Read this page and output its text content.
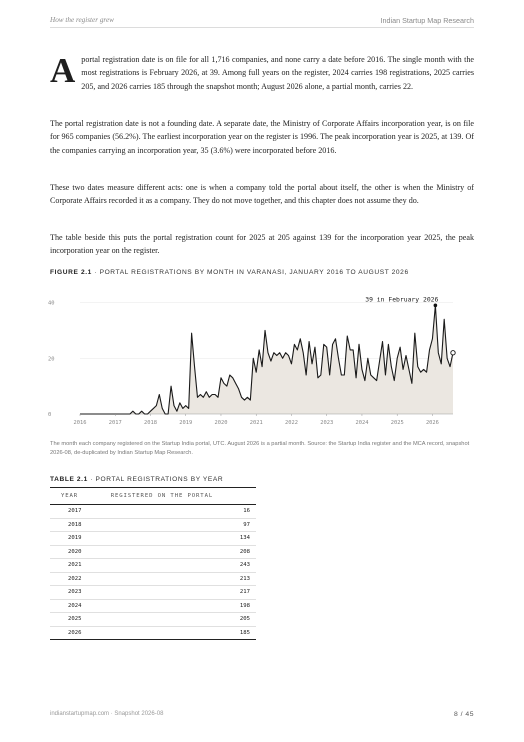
How the register grew	Indian Startup Map Research

Aportal registration date is on file for all 1,716 companies, and none carry a date before 2016. The single month with the most registrations is February 2026, at 39. Among full years on the register, 2024 carries 198 registrations, 2025 carries 205, and 2026 carries 185 through the snapshot month; August 2026 alone, a partial month, carries 22.

The portal registration date is not a founding date. A separate date, the Ministry of Corporate Affairs incorporation year, is on file for 965 companies (56.2%). The earliest incorporation year on the register is 1996. The peak incorporation year is 2025, at 139. Of the companies carrying an incorporation year, 35 (3.6%) were incorporated before 2016.

These two dates measure different acts: one is when a company told the portal about itself, the other is when the Ministry of Corporate Affairs recorded it as a company. They do not move together, and this chapter does not assume they do.

The table beside this puts the portal registration count for 2025 at 205 against 139 for the incorporation year 2025, the peak incorporation year on the register.

FIGURE 2.1 · PORTAL REGISTRATIONS BY MONTH IN VARANASI, JANUARY 2016 TO AUGUST 2026
0
20
40
2016	2017	2018	2019	2020	2021	2022	2023	2024	2025	2026
39 in February 2026

The month each company registered on the Startup India portal, UTC. August 2026 is a partial month. Source: the Startup India register and the MCA record, snapshot 2026-08, de-duplicated by Indian Startup Map Research.

TABLE 2.1 · PORTAL REGISTRATIONS BY YEAR
YEAR	REGISTERED ON THE PORTAL
2017	16
2018	97
2019	134
2020	208
2021	243
2022	213
2023	217
2024	198
2025	205
2026	185
indianstartupmap.com · Snapshot 2026-08	8 / 45
